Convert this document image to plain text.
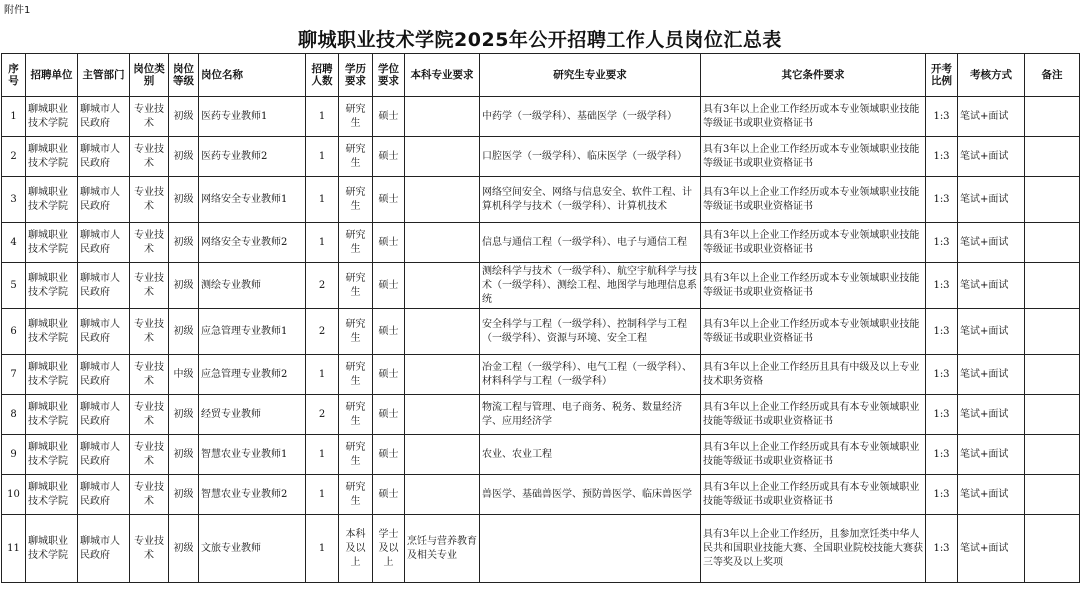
附件1
聊城职业技术学院2025年公开招聘工作人员岗位汇总表
序号	招聘单位	主管部门	岗位类别	岗位等级	岗位名称	招聘人数	学历要求	学位要求	本科专业要求	研究生专业要求	其它条件要求	开考比例	考核方式	备注
1	聊城职业技术学院	聊城市人民政府	专业技术	初级	医药专业教师1	1	研究生	硕士		中药学（一级学科）、基础医学（一级学科）	具有3年以上企业工作经历或本专业领域职业技能等级证书或职业资格证书	1:3	笔试+面试	
2	聊城职业技术学院	聊城市人民政府	专业技术	初级	医药专业教师2	1	研究生	硕士		口腔医学（一级学科）、临床医学（一级学科）	具有3年以上企业工作经历或本专业领域职业技能等级证书或职业资格证书	1:3	笔试+面试	
3	聊城职业技术学院	聊城市人民政府	专业技术	初级	网络安全专业教师1	1	研究生	硕士		网络空间安全、网络与信息安全、软件工程、计算机科学与技术（一级学科）、计算机技术	具有3年以上企业工作经历或本专业领域职业技能等级证书或职业资格证书	1:3	笔试+面试	
4	聊城职业技术学院	聊城市人民政府	专业技术	初级	网络安全专业教师2	1	研究生	硕士		信息与通信工程（一级学科）、电子与通信工程	具有3年以上企业工作经历或本专业领域职业技能等级证书或职业资格证书	1:3	笔试+面试	
5	聊城职业技术学院	聊城市人民政府	专业技术	初级	测绘专业教师	2	研究生	硕士		测绘科学与技术（一级学科）、航空宇航科学与技术（一级学科）、测绘工程、地图学与地理信息系统	具有3年以上企业工作经历或本专业领域职业技能等级证书或职业资格证书	1:3	笔试+面试	
6	聊城职业技术学院	聊城市人民政府	专业技术	初级	应急管理专业教师1	2	研究生	硕士		安全科学与工程（一级学科）、控制科学与工程（一级学科）、资源与环境、安全工程	具有3年以上企业工作经历或本专业领域职业技能等级证书或职业资格证书	1:3	笔试+面试	
7	聊城职业技术学院	聊城市人民政府	专业技术	中级	应急管理专业教师2	1	研究生	硕士		冶金工程（一级学科）、电气工程（一级学科）、材料科学与工程（一级学科）	具有3年以上企业工作经历且具有中级及以上专业技术职务资格	1:3	笔试+面试	
8	聊城职业技术学院	聊城市人民政府	专业技术	初级	经贸专业教师	2	研究生	硕士		物流工程与管理、电子商务、税务、数量经济学、应用经济学	具有3年以上企业工作经历或具有本专业领域职业技能等级证书或职业资格证书	1:3	笔试+面试	
9	聊城职业技术学院	聊城市人民政府	专业技术	初级	智慧农业专业教师1	1	研究生	硕士		农业、农业工程	具有3年以上企业工作经历或具有本专业领域职业技能等级证书或职业资格证书	1:3	笔试+面试	
10	聊城职业技术学院	聊城市人民政府	专业技术	初级	智慧农业专业教师2	1	研究生	硕士		兽医学、基础兽医学、预防兽医学、临床兽医学	具有3年以上企业工作经历或具有本专业领域职业技能等级证书或职业资格证书	1:3	笔试+面试	
11	聊城职业技术学院	聊城市人民政府	专业技术	初级	文旅专业教师	1	本科及以上	学士及以上	烹饪与营养教育及相关专业		具有3年以上企业工作经历，且参加烹饪类中华人民共和国职业技能大赛、全国职业院校技能大赛获三等奖及以上奖项	1:3	笔试+面试	
